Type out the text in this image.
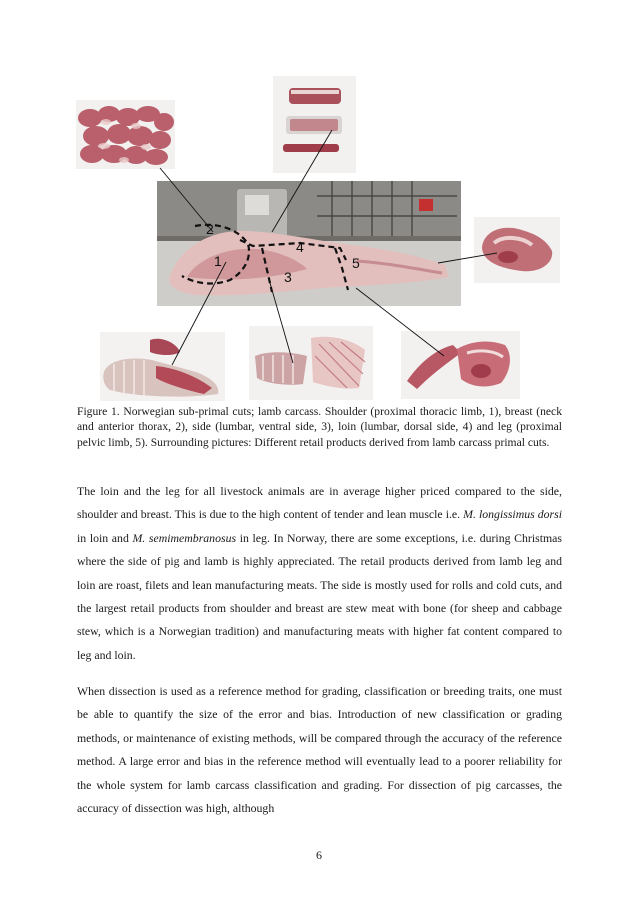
2
1
4
3
5

Figure 1. Norwegian sub-primal cuts; lamb carcass. Shoulder (proximal thoracic limb, 1), breast (neck and anterior thorax, 2), side (lumbar, ventral side, 3), loin (lumbar, dorsal side, 4) and leg (proximal pelvic limb, 5). Surrounding pictures: Different retail products derived from lamb carcass primal cuts.

The loin and the leg for all livestock animals are in average higher priced compared to the side, shoulder and breast. This is due to the high content of tender and lean muscle i.e. M. longissimus dorsi in loin and M. semimembranosus in leg. In Norway, there are some exceptions, i.e. during Christmas where the side of pig and lamb is highly appreciated. The retail products derived from lamb leg and loin are roast, filets and lean manufacturing meats. The side is mostly used for rolls and cold cuts, and the largest retail products from shoulder and breast are stew meat with bone (for sheep and cabbage stew, which is a Norwegian tradition) and manufacturing meats with higher fat content compared to leg and loin.

When dissection is used as a reference method for grading, classification or breeding traits, one must be able to quantify the size of the error and bias. Introduction of new classification or grading methods, or maintenance of existing methods, will be compared through the accuracy of the reference method. A large error and bias in the reference method will eventually lead to a poorer reliability for the whole system for lamb carcass classification and grading. For dissection of pig carcasses, the accuracy of dissection was high, although

6
